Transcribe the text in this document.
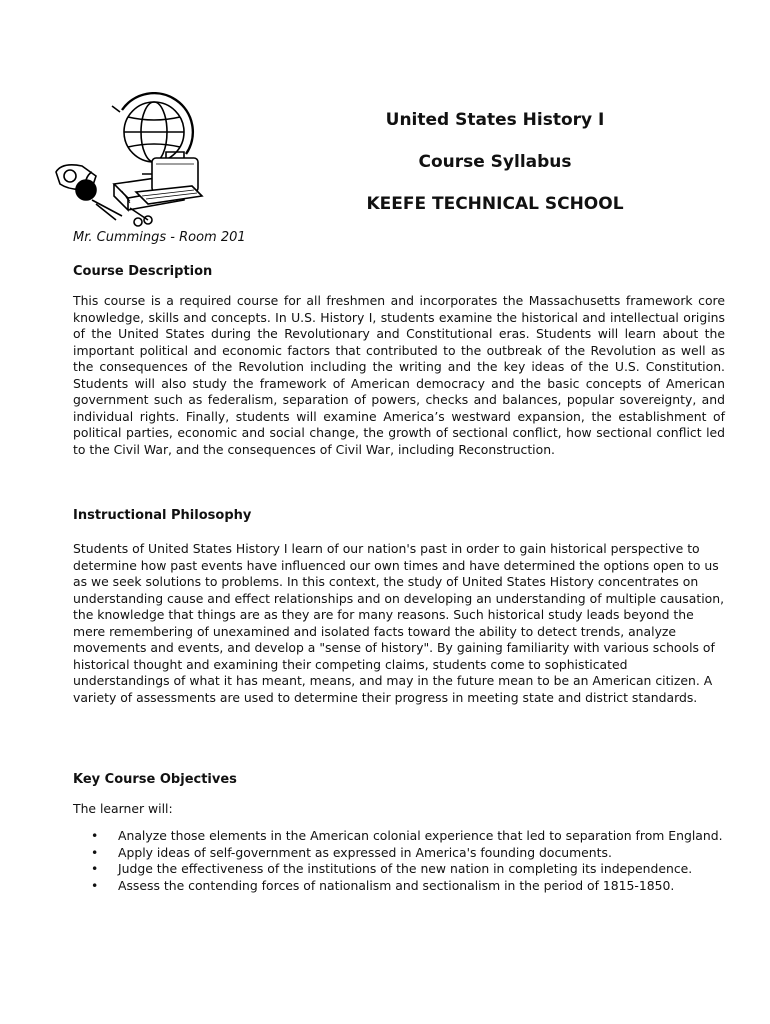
United States History I
Course Syllabus
KEEFE TECHNICAL SCHOOL
Mr. Cummings - Room 201
Course Description
This course is a required course for all freshmen and incorporates the Massachusetts framework core knowledge, skills and concepts. In U.S. History I, students examine the historical and intellectual origins of the United States during the Revolutionary and Constitutional eras. Students will learn about the important political and economic factors that contributed to the outbreak of the Revolution as well as the consequences of the Revolution including the writing and the key ideas of the U.S. Constitution. Students will also study the framework of American democracy and the basic concepts of American government such as federalism, separation of powers, checks and balances, popular sovereignty, and individual rights. Finally, students will examine America’s westward expansion, the establishment of political parties, economic and social change, the growth of sectional conflict, how sectional conflict led to the Civil War, and the consequences of Civil War, including Reconstruction.
Instructional Philosophy
Students of United States History I learn of our nation's past in order to gain historical perspective to determine how past events have influenced our own times and have determined the options open to us as we seek solutions to problems. In this context, the study of United States History concentrates on understanding cause and effect relationships and on developing an understanding of multiple causation, the knowledge that things are as they are for many reasons. Such historical study leads beyond the mere remembering of unexamined and isolated facts toward the ability to detect trends, analyze movements and events, and develop a "sense of history". By gaining familiarity with various schools of historical thought and examining their competing claims, students come to sophisticated understandings of what it has meant, means, and may in the future mean to be an American citizen. A variety of assessments are used to determine their progress in meeting state and district standards.
Key Course Objectives
The learner will:
• Analyze those elements in the American colonial experience that led to separation from England.
• Apply ideas of self-government as expressed in America's founding documents.
• Judge the effectiveness of the institutions of the new nation in completing its independence.
• Assess the contending forces of nationalism and sectionalism in the period of 1815-1850.
